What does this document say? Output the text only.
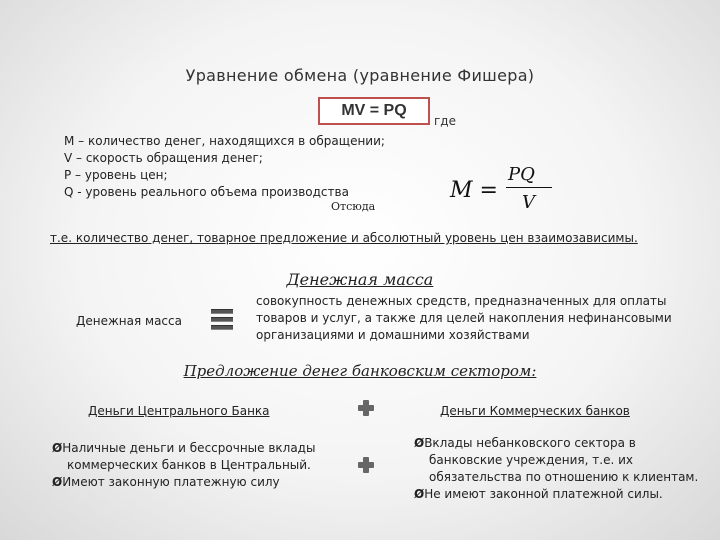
Уравнение обмена (уравнение Фишера)
MV = PQ
где
M – количество денег, находящихся в обращении;
V – скорость обращения денег;
P – уровень цен;
Q - уровень реального объема производства
Отсюда
M =
PQ
V
т.е. количество денег, товарное предложение и абсолютный уровень цен взаимозависимы.
Денежная масса
Денежная масса
совокупность денежных средств, предназначенных для оплаты
товаров и услуг, а также для целей накопления нефинансовыми
организациями и домашними хозяйствами
Предложение денег банковским сектором:
Деньги Центрального Банка	Деньги Коммерческих банков
ØНаличные деньги и бессрочные вклады
коммерческих банков в Центральный.
ØИмеют законную платежную силу
ØВклады небанковского сектора в
банковские учреждения, т.е. их
обязательства по отношению к клиентам.
ØНе имеют законной платежной силы.
